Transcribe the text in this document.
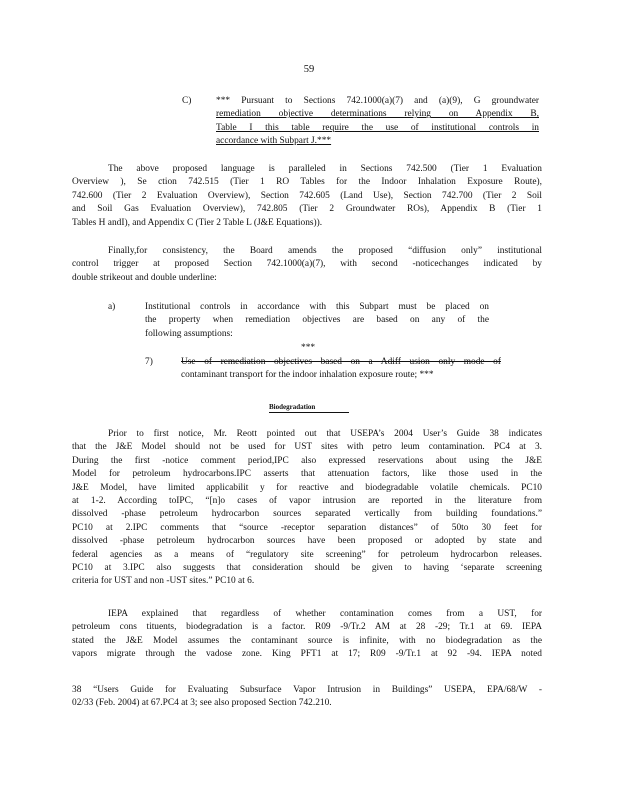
59
C)	*** Pursuant to Sections 742.1000(a)(7) and (a)(9), G groundwater
remediation objective determinations relying on Appendix B,
Table I this table require the use of institutional controls in
accordance with Subpart J.***
The above proposed language is paralleled in Sections 742.500 (Tier 1 Evaluation
Overview ), Se ction 742.515 (Tier 1 RO Tables for the Indoor Inhalation Exposure Route),
742.600 (Tier 2 Evaluation Overview), Section 742.605 (Land Use), Section 742.700 (Tier 2 Soil
and Soil Gas Evaluation Overview), 742.805 (Tier 2 Groundwater ROs), Appendix B (Tier 1
Tables H andI), and Appendix C (Tier 2 Table L (J&E Equations)).
Finally,for consistency, the Board amends the proposed “diffusion only” institutional
control trigger at proposed Section 742.1000(a)(7), with second -noticechanges indicated by
double strikeout and double underline:
a)	Institutional controls in accordance with this Subpart must be placed on
the property when remediation objectives are based on any of the
following assumptions:
***
7)	Use of remediation objectives based on a Adiff usion only mode of
contaminant transport for the indoor inhalation exposure route; ***
Biodegradation
Prior to first notice, Mr. Reott pointed out that USEPA’s 2004 User’s Guide 38 indicates
that the J&E Model should not be used for UST sites with petro leum contamination. PC4 at 3.
During the first -notice comment period,IPC also expressed reservations about using the J&E
Model for petroleum hydrocarbons.IPC asserts that attenuation factors, like those used in the
J&E Model, have limited applicabilit y for reactive and biodegradable volatile chemicals. PC10
at 1-2. According toIPC, “[n]o cases of vapor intrusion are reported in the literature from
dissolved -phase petroleum hydrocarbon sources separated vertically from building foundations.”
PC10 at 2.IPC comments that “source -receptor separation distances” of 50to 30 feet for
dissolved -phase petroleum hydrocarbon sources have been proposed or adopted by state and
federal agencies as a means of “regulatory site screening” for petroleum hydrocarbon releases.
PC10 at 3.IPC also suggests that consideration should be given to having ‘separate screening
criteria for UST and non -UST sites.” PC10 at 6.
IEPA explained that regardless of whether contamination comes from a UST, for
petroleum cons tituents, biodegradation is a factor. R09 -9/Tr.2 AM at 28 -29; Tr.1 at 69. IEPA
stated the J&E Model assumes the contaminant source is infinite, with no biodegradation as the
vapors migrate through the vadose zone. King PFT1 at 17; R09 -9/Tr.1 at 92 -94. IEPA noted
38 “Users Guide for Evaluating Subsurface Vapor Intrusion in Buildings” USEPA, EPA/68/W -
02/33 (Feb. 2004) at 67.PC4 at 3; see also proposed Section 742.210.
